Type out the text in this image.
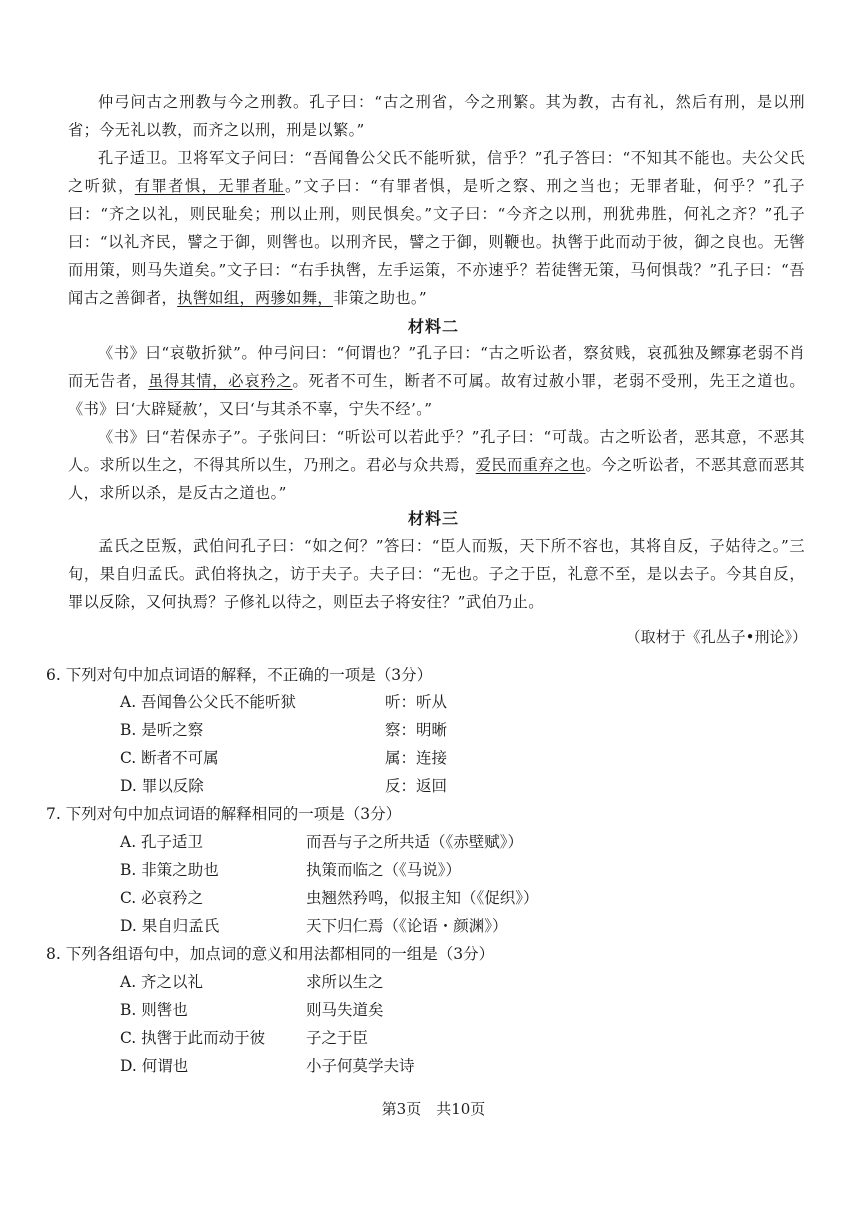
仲弓问古之刑教与今之刑教。孔子曰：“古之刑省，今之刑繁。其为教，古有礼，然后有刑，是以刑省；今无礼以教，而齐之以刑，刑是以繁。”

孔子适卫。卫将军文子问曰：“吾闻鲁公父氏不能听狱，信乎？”孔子答曰：“不知其不能也。夫公父氏之听狱，有罪者惧，无罪者耻。”文子曰：“有罪者惧，是听之察、刑之当也；无罪者耻，何乎？”孔子曰：“齐之以礼，则民耻矣；刑以止刑，则民惧矣。”文子曰：“今齐之以刑，刑犹弗胜，何礼之齐？”孔子曰：“以礼齐民，譬之于御，则辔也。以刑齐民，譬之于御，则鞭也。执辔于此而动于彼，御之良也。无辔而用策，则马失道矣。”文子曰：“右手执辔，左手运策，不亦速乎？若徒辔无策，马何惧哉？”孔子曰：“吾闻古之善御者，执辔如组，两骖如舞，非策之助也。”

材料二

《书》曰“哀敬折狱”。仲弓问曰：“何谓也？”孔子曰：“古之听讼者，察贫贱，哀孤独及鳏寡老弱不肖而无告者，虽得其情，必哀矜之。死者不可生，断者不可属。故宥过赦小罪，老弱不受刑，先王之道也。《书》曰‘大辟疑赦’，又曰‘与其杀不辜，宁失不经’。”

《书》曰“若保赤子”。子张问曰：“听讼可以若此乎？”孔子曰：“可哉。古之听讼者，恶其意，不恶其人。求所以生之，不得其所以生，乃刑之。君必与众共焉，爱民而重弃之也。今之听讼者，不恶其意而恶其人，求所以杀，是反古之道也。”

材料三

孟氏之臣叛，武伯问孔子曰：“如之何？”答曰：“臣人而叛，天下所不容也，其将自反，子姑待之。”三旬，果自归孟氏。武伯将执之，访于夫子。夫子曰：“无也。子之于臣，礼意不至，是以去子。今其自反，罪以反除，又何执焉？子修礼以待之，则臣去子将安往？”武伯乃止。

（取材于《孔丛子•刑论》）
6. 下列对句中加点词语的解释，不正确的一项是（3分）
A. 吾闻鲁公父氏不能听狱	听：听从
B. 是听之察	察：明晰
C. 断者不可属	属：连接
D. 罪以反除	反：返回
7. 下列对句中加点词语的解释相同的一项是（3分）
A. 孔子适卫	而吾与子之所共适（《赤壁赋》）
B. 非策之助也	执策而临之（《马说》）
C. 必哀矜之	虫翘然矜鸣，似报主知（《促织》）
D. 果自归孟氏	天下归仁焉（《论语・颜渊》）
8. 下列各组语句中，加点词的意义和用法都相同的一组是（3分）
A. 齐之以礼	求所以生之
B. 则辔也	则马失道矣
C. 执辔于此而动于彼	子之于臣
D. 何谓也	小子何莫学夫诗
第3页　共10页
